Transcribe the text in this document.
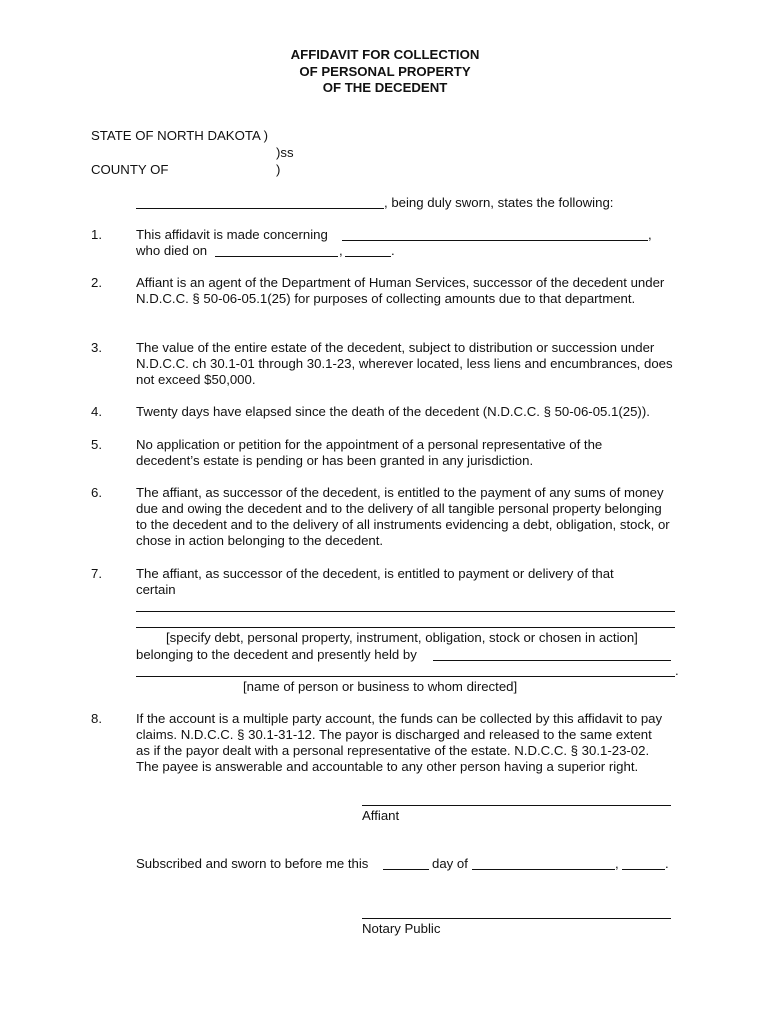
AFFIDAVIT FOR COLLECTION
OF PERSONAL PROPERTY
OF THE DECEDENT
STATE OF NORTH DAKOTA )
)ss
COUNTY OF	)
, being duly sworn, states the following:
1.	This affidavit is made concerning	,
who died on	,	.
2.	Affiant is an agent of the Department of Human Services, successor of the decedent under N.D.C.C. § 50-06-05.1(25) for purposes of collecting amounts due to that department.
3.	The value of the entire estate of the decedent, subject to distribution or succession under N.D.C.C. ch 30.1-01 through 30.1-23, wherever located, less liens and encumbrances, does not exceed $50,000.
4.	Twenty days have elapsed since the death of the decedent (N.D.C.C. § 50-06-05.1(25)).
5.	No application or petition for the appointment of a personal representative of the decedent’s estate is pending or has been granted in any jurisdiction.
6.	The affiant, as successor of the decedent, is entitled to the payment of any sums of money due and owing the decedent and to the delivery of all tangible personal property belonging to the decedent and to the delivery of all instruments evidencing a debt, obligation, stock, or chose in action belonging to the decedent.
7.	The affiant, as successor of the decedent, is entitled to payment or delivery of that certain
[specify debt, personal property, instrument, obligation, stock or chosen in action]
belonging to the decedent and presently held by
.
[name of person or business to whom directed]
8.	If the account is a multiple party account, the funds can be collected by this affidavit to pay claims. N.D.C.C. § 30.1-31-12. The payor is discharged and released to the same extent as if the payor dealt with a personal representative of the estate. N.D.C.C. § 30.1-23-02. The payee is answerable and accountable to any other person having a superior right.
Affiant
Subscribed and sworn to before me this	day of	,	.
Notary Public
